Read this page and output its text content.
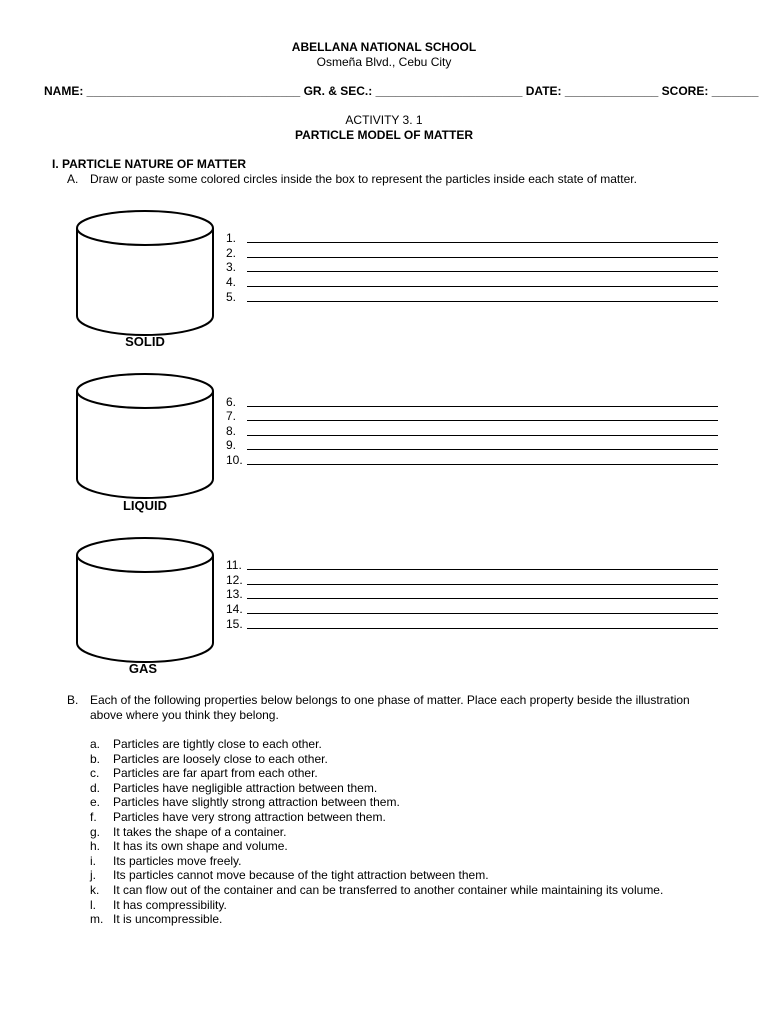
ABELLANA NATIONAL SCHOOL
Osmeña Blvd., Cebu City
NAME: ________________________________ GR. & SEC.: ______________________ DATE: ______________ SCORE: _______
ACTIVITY 3. 1
PARTICLE MODEL OF MATTER
I. PARTICLE NATURE OF MATTER
A. Draw or paste some colored circles inside the box to represent the particles inside each state of matter.
SOLID
1.
2.
3.
4.
5.
LIQUID
6.
7.
8.
9.
10.
GAS
11.
12.
13.
14.
15.
B. Each of the following properties below belongs to one phase of matter. Place each property beside the illustration
above where you think they belong.
a. Particles are tightly close to each other.
b. Particles are loosely close to each other.
c. Particles are far apart from each other.
d. Particles have negligible attraction between them.
e. Particles have slightly strong attraction between them.
f. Particles have very strong attraction between them.
g. It takes the shape of a container.
h. It has its own shape and volume.
i. Its particles move freely.
j. Its particles cannot move because of the tight attraction between them.
k. It can flow out of the container and can be transferred to another container while maintaining its volume.
l. It has compressibility.
m. It is uncompressible.
